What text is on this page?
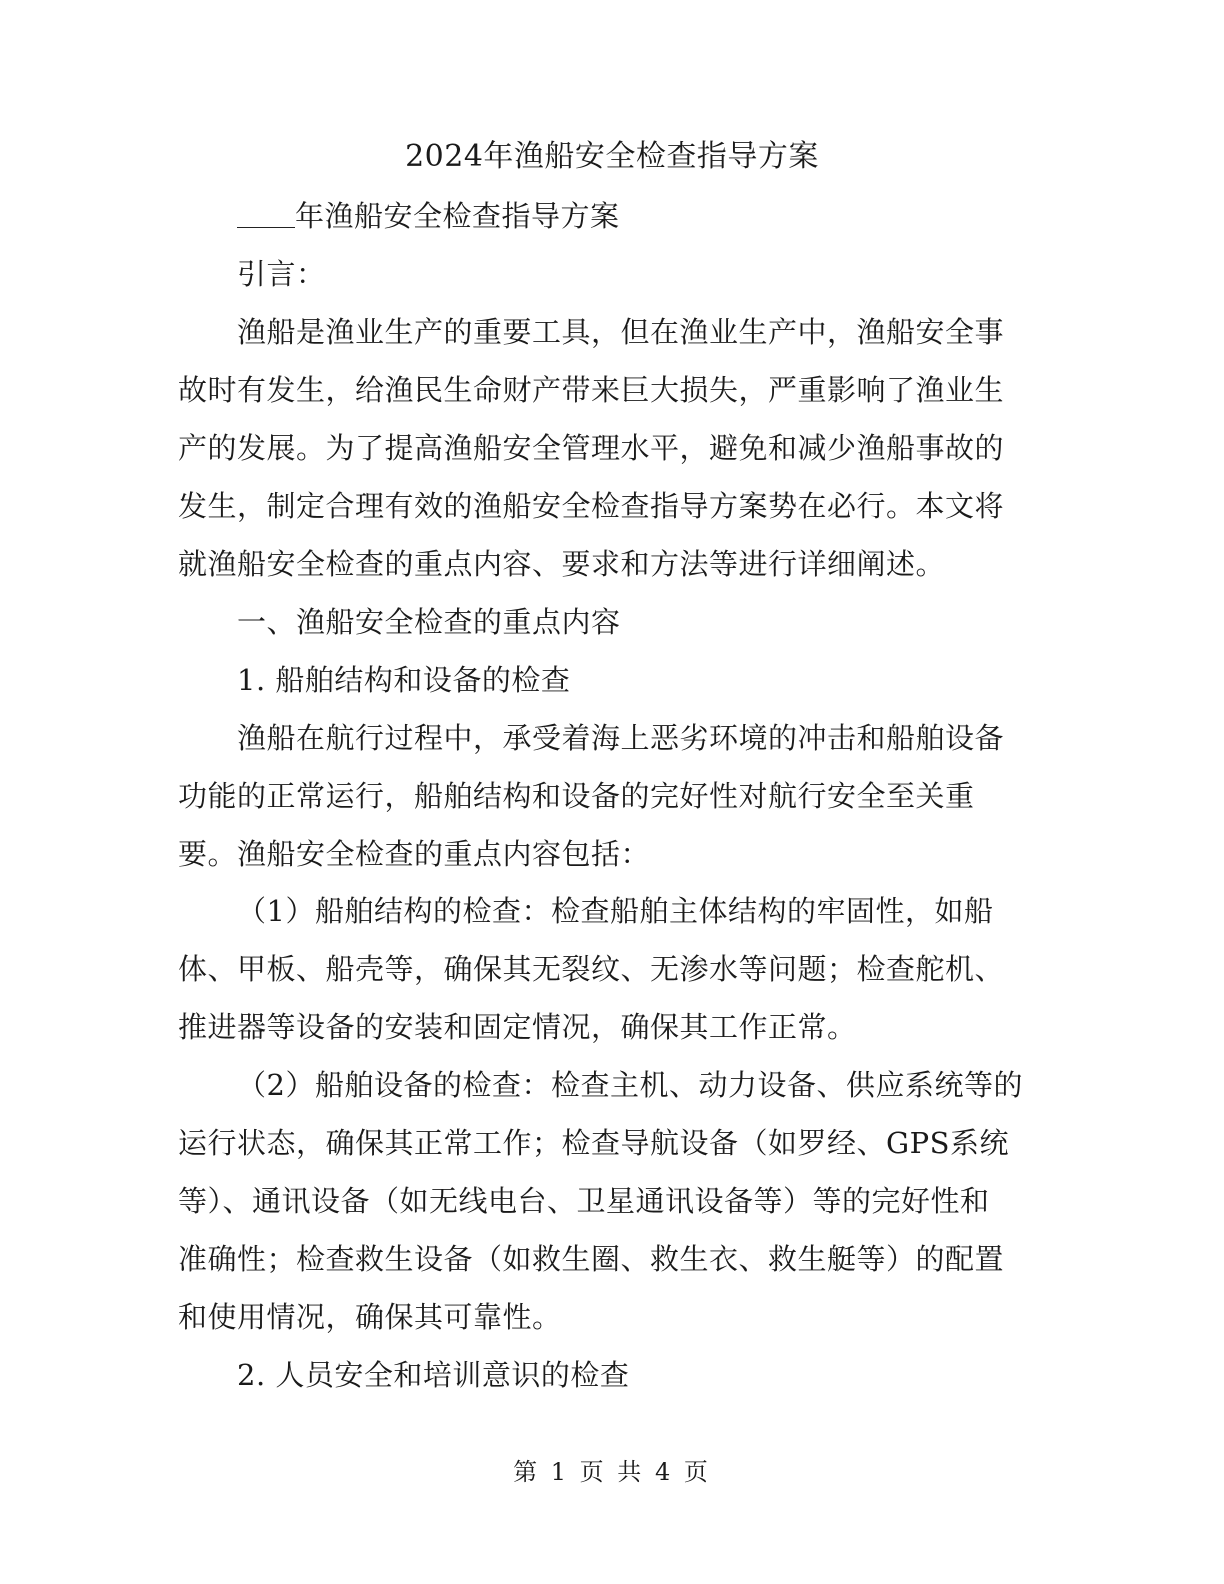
2024年渔船安全检查指导方案
年渔船安全检查指导方案
引言：
渔船是渔业生产的重要工具，但在渔业生产中，渔船安全事
故时有发生，给渔民生命财产带来巨大损失，严重影响了渔业生
产的发展。为了提高渔船安全管理水平，避免和减少渔船事故的
发生，制定合理有效的渔船安全检查指导方案势在必行。本文将
就渔船安全检查的重点内容、要求和方法等进行详细阐述。
一、渔船安全检查的重点内容
1. 船舶结构和设备的检查
渔船在航行过程中，承受着海上恶劣环境的冲击和船舶设备
功能的正常运行，船舶结构和设备的完好性对航行安全至关重
要。渔船安全检查的重点内容包括：
（1）船舶结构的检查：检查船舶主体结构的牢固性，如船
体、甲板、船壳等，确保其无裂纹、无渗水等问题；检查舵机、
推进器等设备的安装和固定情况，确保其工作正常。
（2）船舶设备的检查：检查主机、动力设备、供应系统等的
运行状态，确保其正常工作；检查导航设备（如罗经、GPS系统
等）、通讯设备（如无线电台、卫星通讯设备等）等的完好性和
准确性；检查救生设备（如救生圈、救生衣、救生艇等）的配置
和使用情况，确保其可靠性。
2. 人员安全和培训意识的检查
第 1 页 共 4 页
